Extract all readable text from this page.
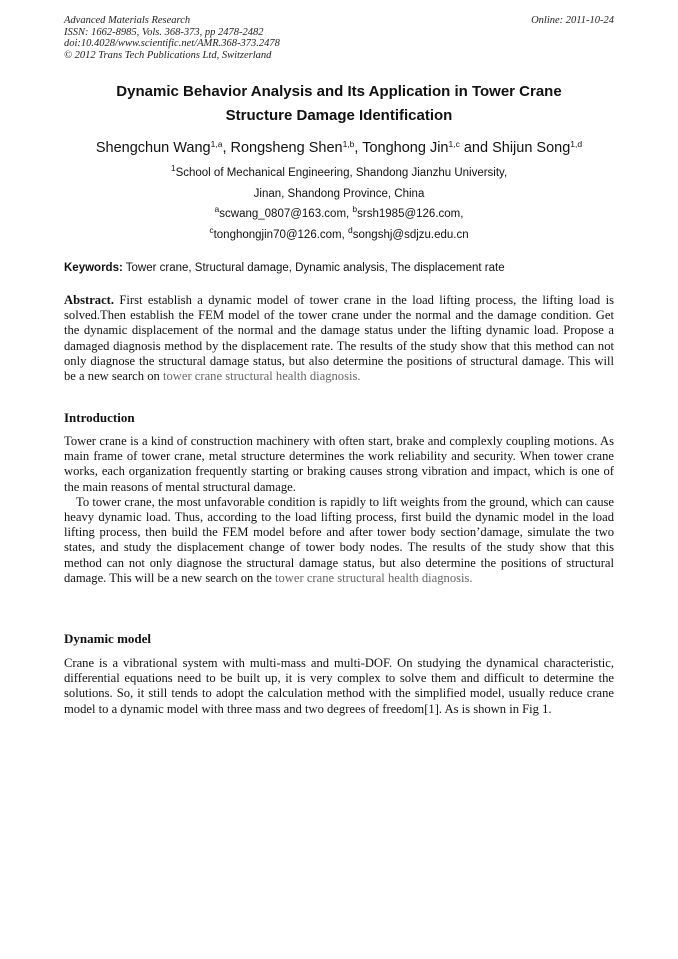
Advanced Materials Research
ISSN: 1662-8985, Vols. 368-373, pp 2478-2482
doi:10.4028/www.scientific.net/AMR.368-373.2478
© 2012 Trans Tech Publications Ltd, Switzerland
Online: 2011-10-24
Dynamic Behavior Analysis and Its Application in Tower Crane
Structure Damage Identification
Shengchun Wang$^{1,a}$, Rongsheng Shen$^{1,b}$, Tonghong Jin$^{1,c}$ and Shijun Song$^{1,d}$
$^1$School of Mechanical Engineering, Shandong Jianzhu University,
Jinan, Shandong Province, China
$^a$scwang_0807@163.com, $^b$srsh1985@126.com,
$^c$tonghongjin70@126.com, $^d$songshj@sdjzu.edu.cn
Keywords: Tower crane, Structural damage, Dynamic analysis, The displacement rate

Abstract. First establish a dynamic model of tower crane in the load lifting process, the lifting load is solved.Then establish the FEM model of the tower crane under the normal and the damage condition. Get the dynamic displacement of the normal and the damage status under the lifting dynamic load. Propose a damaged diagnosis method by the displacement rate. The results of the study show that this method can not only diagnose the structural damage status, but also determine the positions of structural damage. This will be a new search on tower crane structural health diagnosis.

Introduction

Tower crane is a kind of construction machinery with often start, brake and complexly coupling motions. As main frame of tower crane, metal structure determines the work reliability and security. When tower crane works, each organization frequently starting or braking causes strong vibration and impact, which is one of the main reasons of mental structural damage.

To tower crane, the most unfavorable condition is rapidly to lift weights from the ground, which can cause heavy dynamic load. Thus, according to the load lifting process, first build the dynamic model in the load lifting process, then build the FEM model before and after tower body section’damage, simulate the two states, and study the displacement change of tower body nodes. The results of the study show that this method can not only diagnose the structural damage status, but also determine the positions of structural damage. This will be a new search on the tower crane structural health diagnosis.

Dynamic model

Crane is a vibrational system with multi-mass and multi-DOF. On studying the dynamical characteristic, differential equations need to be built up, it is very complex to solve them and difficult to determine the solutions. So, it still tends to adopt the calculation method with the simplified model, usually reduce crane model to a dynamic model with three mass and two degrees of freedom[1]. As is shown in Fig 1.
